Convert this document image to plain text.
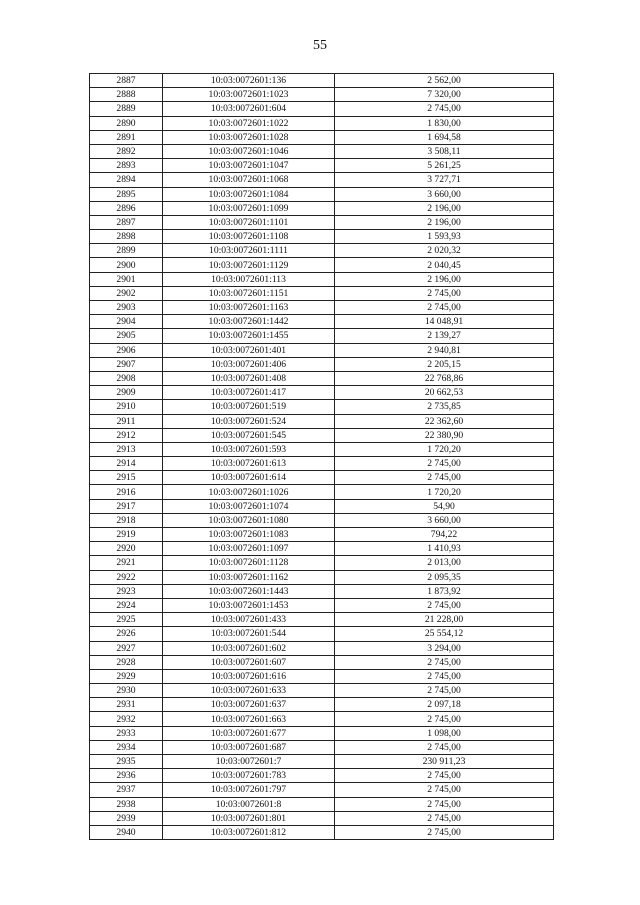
55
2887	10:03:0072601:136	2 562,00
2888	10:03:0072601:1023	7 320,00
2889	10:03:0072601:604	2 745,00
2890	10:03:0072601:1022	1 830,00
2891	10:03:0072601:1028	1 694,58
2892	10:03:0072601:1046	3 508,11
2893	10:03:0072601:1047	5 261,25
2894	10:03:0072601:1068	3 727,71
2895	10:03:0072601:1084	3 660,00
2896	10:03:0072601:1099	2 196,00
2897	10:03:0072601:1101	2 196,00
2898	10:03:0072601:1108	1 593,93
2899	10:03:0072601:1111	2 020,32
2900	10:03:0072601:1129	2 040,45
2901	10:03:0072601:113	2 196,00
2902	10:03:0072601:1151	2 745,00
2903	10:03:0072601:1163	2 745,00
2904	10:03:0072601:1442	14 048,91
2905	10:03:0072601:1455	2 139,27
2906	10:03:0072601:401	2 940,81
2907	10:03:0072601:406	2 205,15
2908	10:03:0072601:408	22 768,86
2909	10:03:0072601:417	20 662,53
2910	10:03:0072601:519	2 735,85
2911	10:03:0072601:524	22 362,60
2912	10:03:0072601:545	22 380,90
2913	10:03:0072601:593	1 720,20
2914	10:03:0072601:613	2 745,00
2915	10:03:0072601:614	2 745,00
2916	10:03:0072601:1026	1 720,20
2917	10:03:0072601:1074	54,90
2918	10:03:0072601:1080	3 660,00
2919	10:03:0072601:1083	794,22
2920	10:03:0072601:1097	1 410,93
2921	10:03:0072601:1128	2 013,00
2922	10:03:0072601:1162	2 095,35
2923	10:03:0072601:1443	1 873,92
2924	10:03:0072601:1453	2 745,00
2925	10:03:0072601:433	21 228,00
2926	10:03:0072601:544	25 554,12
2927	10:03:0072601:602	3 294,00
2928	10:03:0072601:607	2 745,00
2929	10:03:0072601:616	2 745,00
2930	10:03:0072601:633	2 745,00
2931	10:03:0072601:637	2 097,18
2932	10:03:0072601:663	2 745,00
2933	10:03:0072601:677	1 098,00
2934	10:03:0072601:687	2 745,00
2935	10:03:0072601:7	230 911,23
2936	10:03:0072601:783	2 745,00
2937	10:03:0072601:797	2 745,00
2938	10:03:0072601:8	2 745,00
2939	10:03:0072601:801	2 745,00
2940	10:03:0072601:812	2 745,00
